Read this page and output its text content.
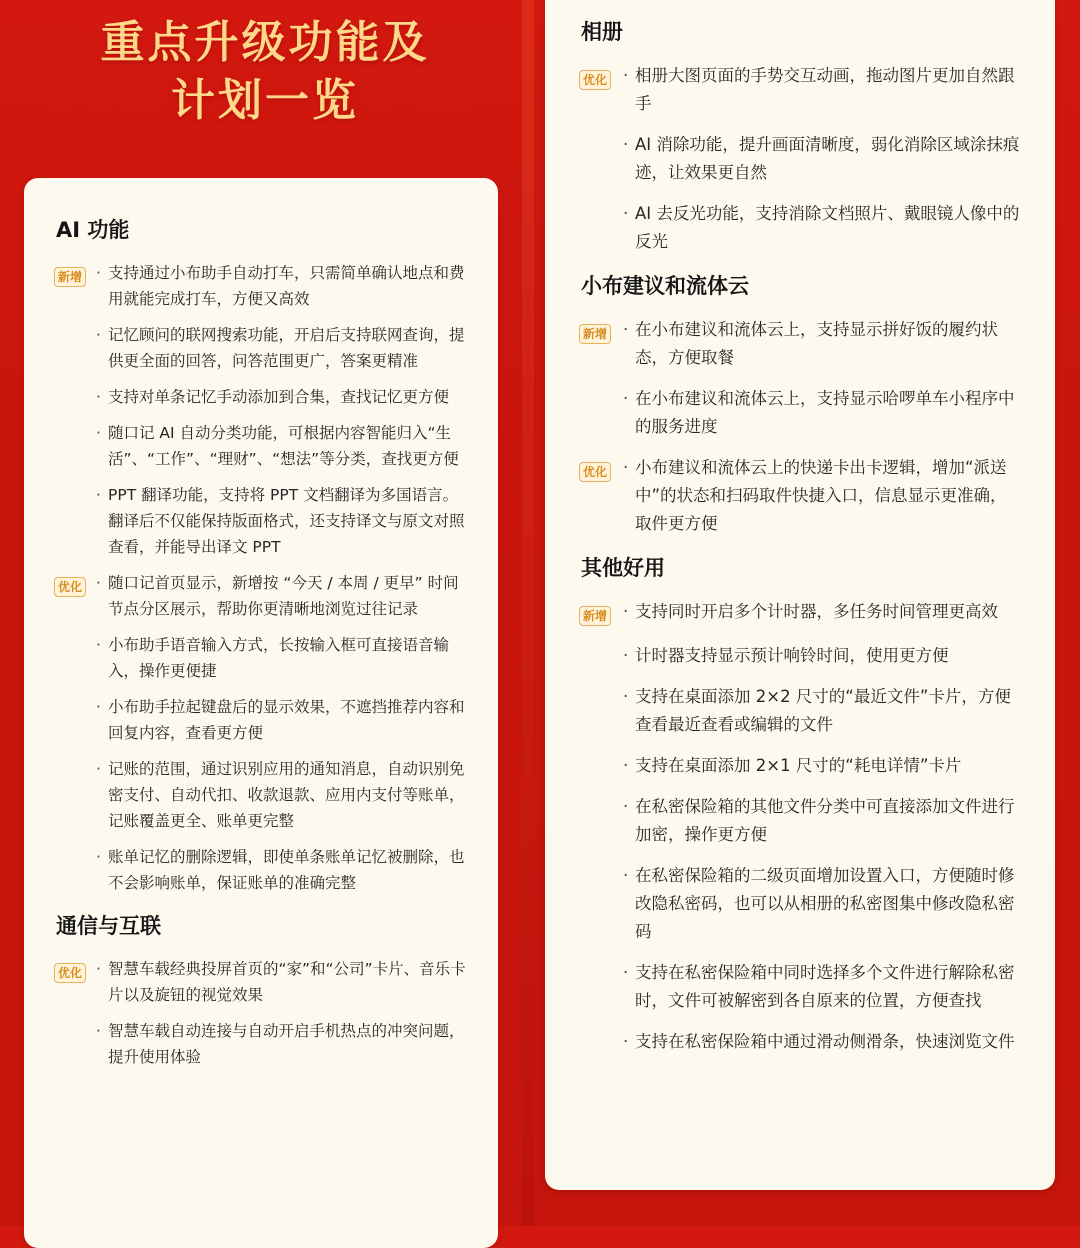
重点升级功能及
计划一览
AI 功能
新增 · 支持通过小布助手自动打车，只需简单确认地点和费用就能完成打车，方便又高效
· 记忆顾问的联网搜索功能，开启后支持联网查询，提供更全面的回答，问答范围更广，答案更精准
· 支持对单条记忆手动添加到合集，查找记忆更方便
· 随口记 AI 自动分类功能，可根据内容智能归入“生活”、“工作”、“理财”、“想法”等分类，查找更方便
· PPT 翻译功能，支持将 PPT 文档翻译为多国语言。翻译后不仅能保持版面格式，还支持译文与原文对照查看，并能导出译文 PPT
优化 · 随口记首页显示，新增按 “今天 / 本周 / 更早” 时间节点分区展示，帮助你更清晰地浏览过往记录
· 小布助手语音输入方式，长按输入框可直接语音输入，操作更便捷
· 小布助手拉起键盘后的显示效果，不遮挡推荐内容和回复内容，查看更方便
· 记账的范围，通过识别应用的通知消息，自动识别免密支付、自动代扣、收款退款、应用内支付等账单，记账覆盖更全、账单更完整
· 账单记忆的删除逻辑，即使单条账单记忆被删除，也不会影响账单，保证账单的准确完整
通信与互联
优化 · 智慧车载经典投屏首页的“家”和“公司”卡片、音乐卡片以及旋钮的视觉效果
· 智慧车载自动连接与自动开启手机热点的冲突问题，提升使用体验
相册
优化 · 相册大图页面的手势交互动画，拖动图片更加自然跟手
· AI 消除功能，提升画面清晰度，弱化消除区域涂抹痕迹，让效果更自然
· AI 去反光功能，支持消除文档照片、戴眼镜人像中的反光
小布建议和流体云
新增 · 在小布建议和流体云上，支持显示拼好饭的履约状态，方便取餐
· 在小布建议和流体云上，支持显示哈啰单车小程序中的服务进度
优化 · 小布建议和流体云上的快递卡出卡逻辑，增加“派送中”的状态和扫码取件快捷入口，信息显示更准确，取件更方便
其他好用
新增 · 支持同时开启多个计时器，多任务时间管理更高效
· 计时器支持显示预计响铃时间，使用更方便
· 支持在桌面添加 2×2 尺寸的“最近文件”卡片，方便查看最近查看或编辑的文件
· 支持在桌面添加 2×1 尺寸的“耗电详情”卡片
· 在私密保险箱的其他文件分类中可直接添加文件进行加密，操作更方便
· 在私密保险箱的二级页面增加设置入口，方便随时修改隐私密码，也可以从相册的私密图集中修改隐私密码
· 支持在私密保险箱中同时选择多个文件进行解除私密时，文件可被解密到各自原来的位置，方便查找
· 支持在私密保险箱中通过滑动侧滑条，快速浏览文件
